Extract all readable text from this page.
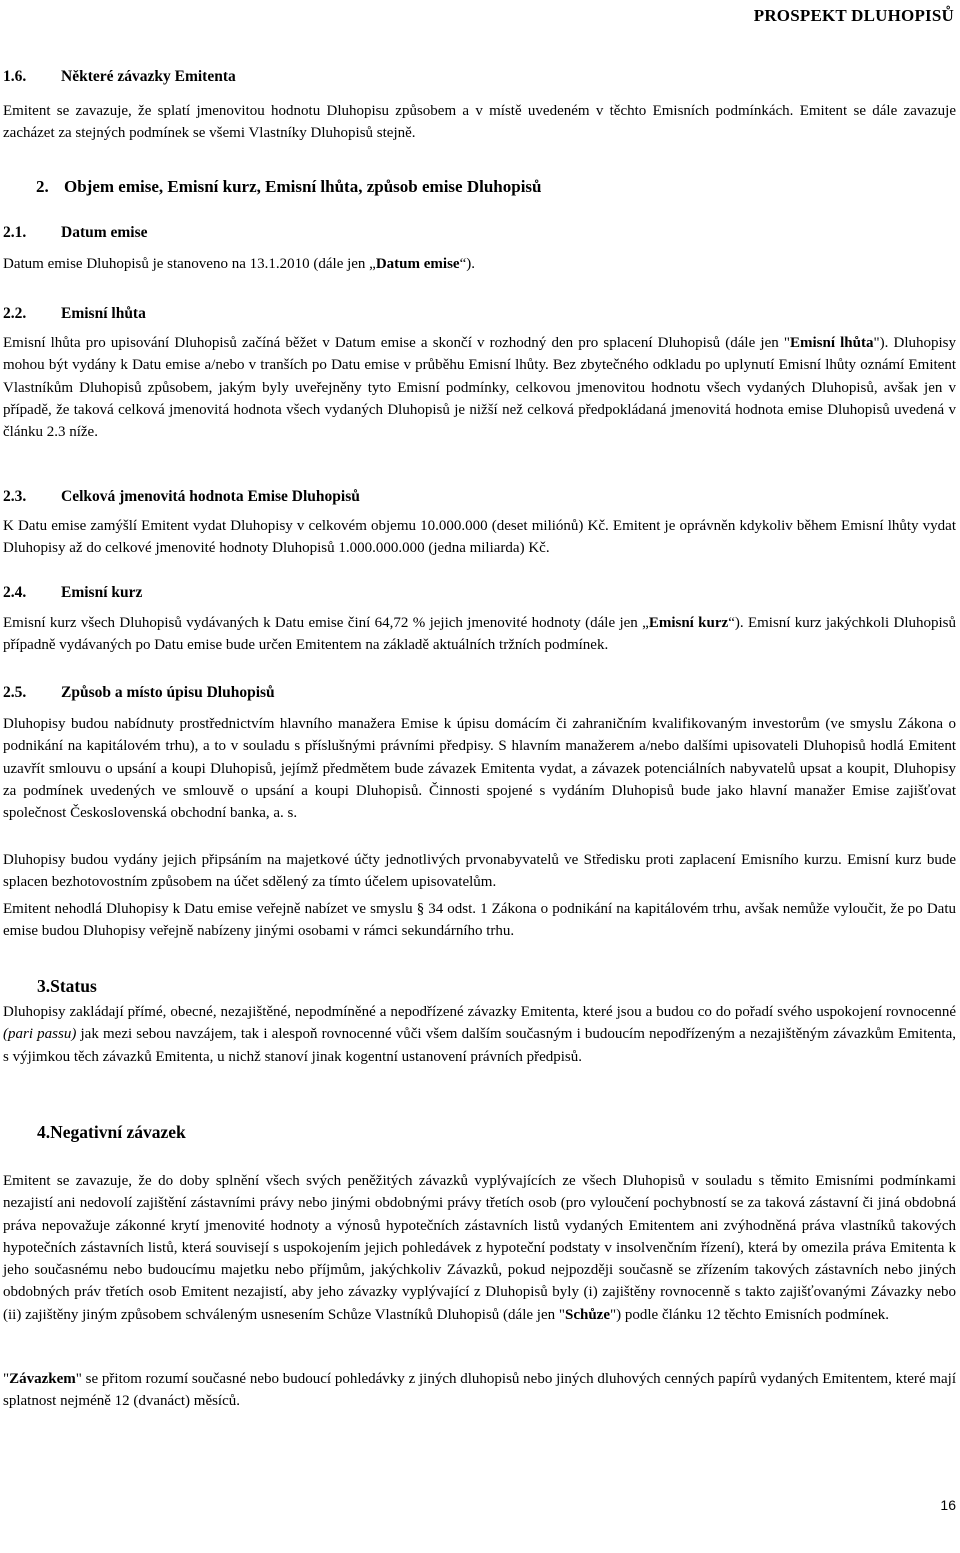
PROSPEKT DLUHOPISŮ
1.6. Některé závazky Emitenta

Emitent se zavazuje, že splatí jmenovitou hodnotu Dluhopisu způsobem a v místě uvedeném v těchto Emisních podmínkách. Emitent se dále zavazuje zacházet za stejných podmínek se všemi Vlastníky Dluhopisů stejně.

2. Objem emise, Emisní kurz, Emisní lhůta, způsob emise Dluhopisů
2.1. Datum emise

Datum emise Dluhopisů je stanoveno na 13.1.2010 (dále jen „Datum emise“).

2.2. Emisní lhůta

Emisní lhůta pro upisování Dluhopisů začíná běžet v Datum emise a skončí v rozhodný den pro splacení Dluhopisů (dále jen "Emisní lhůta"). Dluhopisy mohou být vydány k Datu emise a/nebo v tranších po Datu emise v průběhu Emisní lhůty. Bez zbytečného odkladu po uplynutí Emisní lhůty oznámí Emitent Vlastníkům Dluhopisů způsobem, jakým byly uveřejněny tyto Emisní podmínky, celkovou jmenovitou hodnotu všech vydaných Dluhopisů, avšak jen v případě, že taková celková jmenovitá hodnota všech vydaných Dluhopisů je nižší než celková předpokládaná jmenovitá hodnota emise Dluhopisů uvedená v článku 2.3 níže.

2.3. Celková jmenovitá hodnota Emise Dluhopisů

K Datu emise zamýšlí Emitent vydat Dluhopisy v celkovém objemu 10.000.000 (deset miliónů) Kč. Emitent je oprávněn kdykoliv během Emisní lhůty vydat Dluhopisy až do celkové jmenovité hodnoty Dluhopisů 1.000.000.000 (jedna miliarda) Kč.

2.4. Emisní kurz

Emisní kurz všech Dluhopisů vydávaných k Datu emise činí 64,72 % jejich jmenovité hodnoty (dále jen „Emisní kurz“). Emisní kurz jakýchkoli Dluhopisů případně vydávaných po Datu emise bude určen Emitentem na základě aktuálních tržních podmínek.

2.5. Způsob a místo úpisu Dluhopisů

Dluhopisy budou nabídnuty prostřednictvím hlavního manažera Emise k úpisu domácím či zahraničním kvalifikovaným investorům (ve smyslu Zákona o podnikání na kapitálovém trhu), a to v souladu s příslušnými právními předpisy. S hlavním manažerem a/nebo dalšími upisovateli Dluhopisů hodlá Emitent uzavřít smlouvu o upsání a koupi Dluhopisů, jejímž předmětem bude závazek Emitenta vydat, a závazek potenciálních nabyvatelů upsat a koupit, Dluhopisy za podmínek uvedených ve smlouvě o upsání a koupi Dluhopisů. Činnosti spojené s vydáním Dluhopisů bude jako hlavní manažer Emise zajišťovat společnost Československá obchodní banka, a. s.

Dluhopisy budou vydány jejich připsáním na majetkové účty jednotlivých prvonabyvatelů ve Středisku proti zaplacení Emisního kurzu. Emisní kurz bude splacen bezhotovostním způsobem na účet sdělený za tímto účelem upisovatelům.

Emitent nehodlá Dluhopisy k Datu emise veřejně nabízet ve smyslu § 34 odst. 1 Zákona o podnikání na kapitálovém trhu, avšak nemůže vyloučit, že po Datu emise budou Dluhopisy veřejně nabízeny jinými osobami v rámci sekundárního trhu.

3.Status

Dluhopisy zakládají přímé, obecné, nezajištěné, nepodmíněné a nepodřízené závazky Emitenta, které jsou a budou co do pořadí svého uspokojení rovnocenné (pari passu) jak mezi sebou navzájem, tak i alespoň rovnocenné vůči všem dalším současným i budoucím nepodřízeným a nezajištěným závazkům Emitenta, s výjimkou těch závazků Emitenta, u nichž stanoví jinak kogentní ustanovení právních předpisů.

4.Negativní závazek

Emitent se zavazuje, že do doby splnění všech svých peněžitých závazků vyplývajících ze všech Dluhopisů v souladu s těmito Emisními podmínkami nezajistí ani nedovolí zajištění zástavními právy nebo jinými obdobnými právy třetích osob (pro vyloučení pochybností se za taková zástavní či jiná obdobná práva nepovažuje zákonné krytí jmenovité hodnoty a výnosů hypotečních zástavních listů vydaných Emitentem ani zvýhodněná práva vlastníků takových hypotečních zástavních listů, která souvisejí s uspokojením jejich pohledávek z hypoteční podstaty v insolvenčním řízení), která by omezila práva Emitenta k jeho současnému nebo budoucímu majetku nebo příjmům, jakýchkoliv Závazků, pokud nejpozději současně se zřízením takových zástavních nebo jiných obdobných práv třetích osob Emitent nezajistí, aby jeho závazky vyplývající z Dluhopisů byly (i) zajištěny rovnocenně s takto zajišťovanými Závazky nebo (ii) zajištěny jiným způsobem schváleným usnesením Schůze Vlastníků Dluhopisů (dále jen "Schůze") podle článku 12 těchto Emisních podmínek.

"Závazkem" se přitom rozumí současné nebo budoucí pohledávky z jiných dluhopisů nebo jiných dluhových cenných papírů vydaných Emitentem, které mají splatnost nejméně 12 (dvanáct) měsíců.

16
